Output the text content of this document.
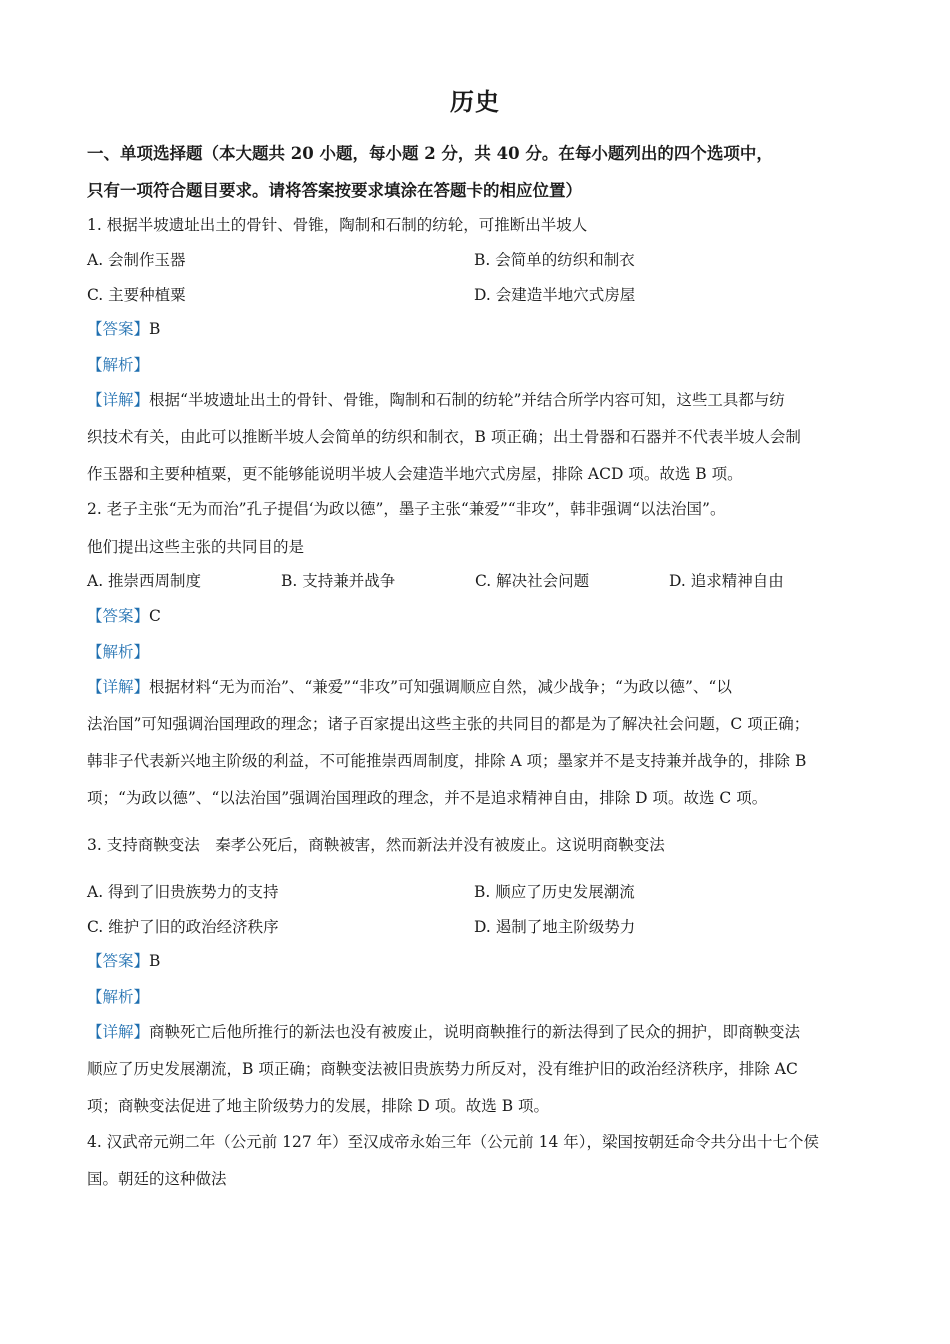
历史
一、单项选择题（本大题共 20 小题，每小题 2 分，共 40 分。在每小题列出的四个选项中，
只有一项符合题目要求。请将答案按要求填涂在答题卡的相应位置）
1. 根据半坡遗址出土的骨针、骨锥，陶制和石制的纺轮，可推断出半坡人
A. 会制作玉器	B. 会简单的纺织和制衣
C. 主要种植粟	D. 会建造半地穴式房屋
【答案】B
【解析】
【详解】根据“半坡遗址出土的骨针、骨锥，陶制和石制的纺轮”并结合所学内容可知，这些工具都与纺
织技术有关，由此可以推断半坡人会简单的纺织和制衣，B 项正确；出土骨器和石器并不代表半坡人会制
作玉器和主要种植粟，更不能够能说明半坡人会建造半地穴式房屋，排除 ACD 项。故选 B 项。
2. 老子主张“无为而治”孔子提倡‘为政以德”，墨子主张“兼爱”“非攻”，韩非强调“以法治国”。
他们提出这些主张的共同目的是
A. 推崇西周制度	B. 支持兼并战争	C. 解决社会问题	D. 追求精神自由
【答案】C
【解析】
【详解】根据材料“无为而治”、“兼爱”“非攻”可知强调顺应自然，减少战争；“为政以德”、“以
法治国”可知强调治国理政的理念；诸子百家提出这些主张的共同目的都是为了解决社会问题，C 项正确；
韩非子代表新兴地主阶级的利益，不可能推崇西周制度，排除 A 项；墨家并不是支持兼并战争的，排除 B
项；“为政以德”、“以法治国”强调治国理政的理念，并不是追求精神自由，排除 D 项。故选 C 项。
3. 支持商鞅变法　秦孝公死后，商鞅被害，然而新法并没有被废止。这说明商鞅变法
A. 得到了旧贵族势力的支持	B. 顺应了历史发展潮流
C. 维护了旧的政治经济秩序	D. 遏制了地主阶级势力
【答案】B
【解析】
【详解】商鞅死亡后他所推行的新法也没有被废止，说明商鞅推行的新法得到了民众的拥护，即商鞅变法
顺应了历史发展潮流，B 项正确；商鞅变法被旧贵族势力所反对，没有维护旧的政治经济秩序，排除 AC
项；商鞅变法促进了地主阶级势力的发展，排除 D 项。故选 B 项。
4. 汉武帝元朔二年（公元前 127 年）至汉成帝永始三年（公元前 14 年），梁国按朝廷命令共分出十七个侯
国。朝廷的这种做法
